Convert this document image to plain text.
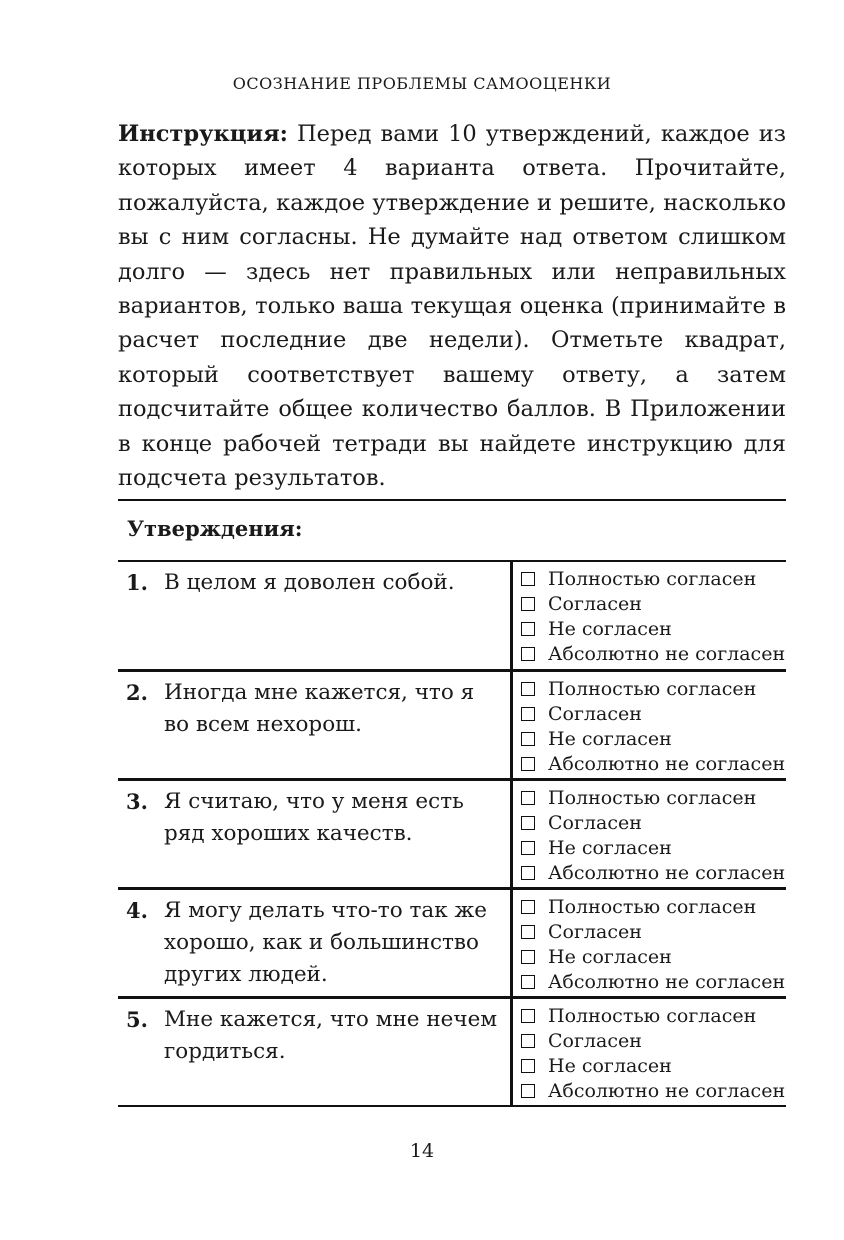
ОСОЗНАНИЕ ПРОБЛЕМЫ САМООЦЕНКИ

Инструкция: Перед вами 10 утверждений, каждое из которых имеет 4 варианта ответа. Прочитайте, пожалуйста, каждое утверждение и решите, насколько вы с ним согласны. Не думайте над ответом слишком долго — здесь нет правильных или неправильных вариантов, только ваша текущая оценка (принимайте в расчет последние две недели). Отметьте квадрат, который соответствует вашему ответу, а затем подсчитайте общее количество баллов. В Приложении в конце рабочей тетради вы найдете инструкцию для подсчета результатов.

Утверждения:
1. В целом я доволен собой.	Полностью согласен
Согласен
Не согласен
Абсолютно не согласен
2. Иногда мне кажется, что я во всем нехорош.
Полностью согласен
Согласен
Не согласен
Абсолютно не согласен
3. Я считаю, что у меня есть ряд хороших качеств.
Полностью согласен
Согласен
Не согласен
Абсолютно не согласен
4. Я могу делать что-то так же хорошо, как и большинство других людей.
Полностью согласен
Согласен
Не согласен
Абсолютно не согласен
5. Мне кажется, что мне нечем гордиться.
Полностью согласен
Согласен
Не согласен
Абсолютно не согласен
14
